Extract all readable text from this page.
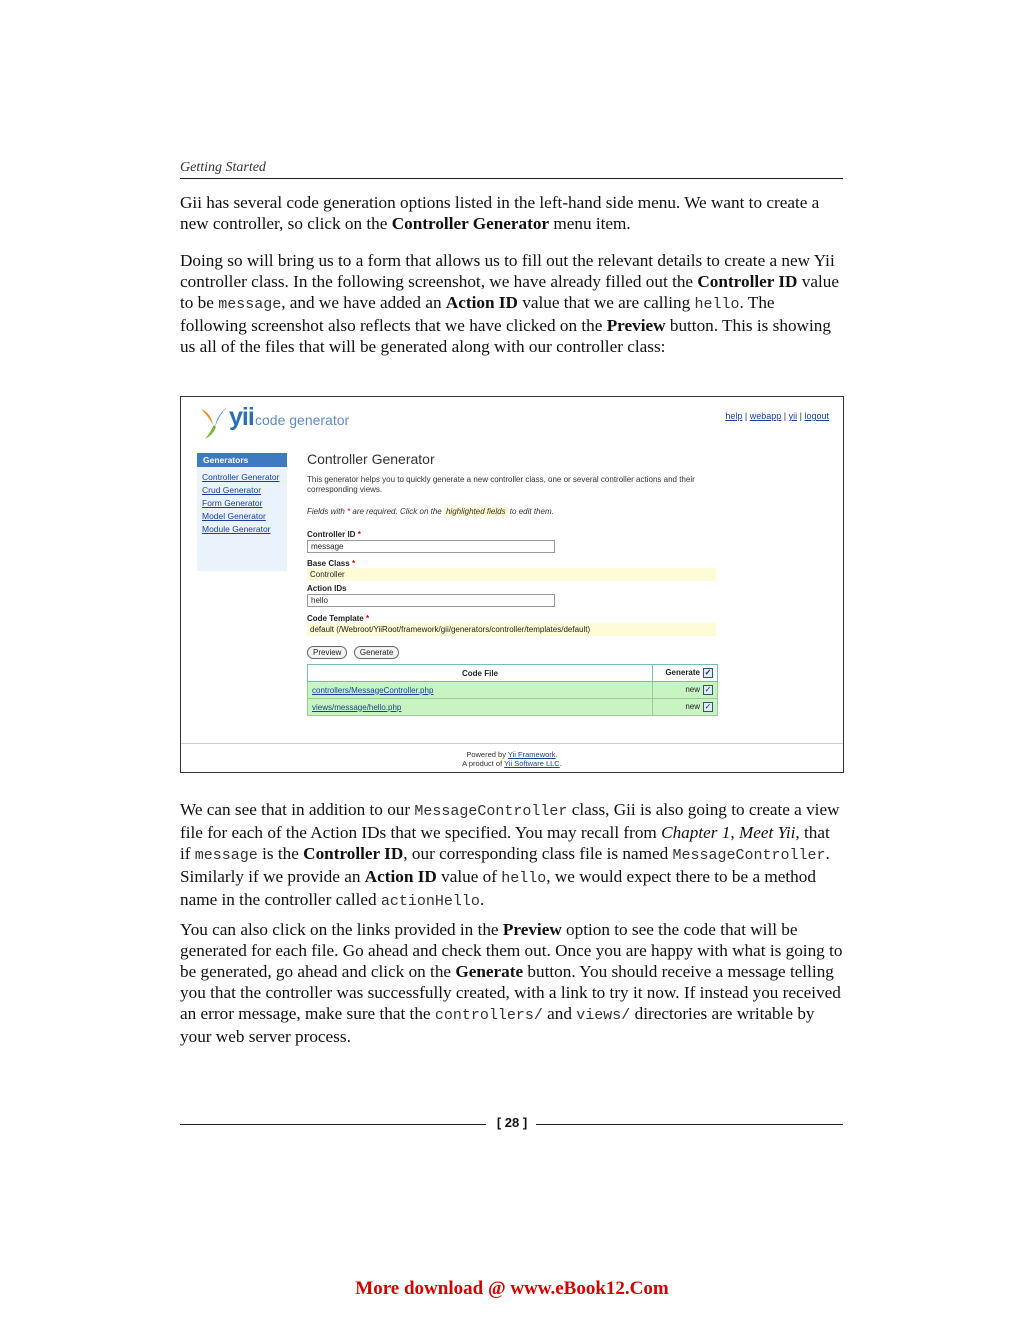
Getting Started

Gii has several code generation options listed in the left-hand side menu. We want to create a new controller, so click on the Controller Generator menu item.

Doing so will bring us to a form that allows us to fill out the relevant details to create a new Yii controller class. In the following screenshot, we have already filled out the Controller ID value to be message, and we have added an Action ID value that we are calling hello. The following screenshot also reflects that we have clicked on the Preview button. This is showing us all of the files that will be generated along with our controller class:

yii code generator	help | webapp | yii | logout
Generators
Controller Generator
Crud Generator
Form Generator
Model Generator
Module Generator
Controller Generator
This generator helps you to quickly generate a new controller class, one or several controller actions and their corresponding views.
Fields with * are required. Click on the highlighted fields to edit them.
Controller ID *
message
Base Class *
Controller
Action IDs
hello
Code Template *
default (/Webroot/YiiRoot/framework/gii/generators/controller/templates/default)
Preview Generate
Code File	Generate ✓
controllers/MessageController.php	new ✓
views/message/hello.php	new ✓
Powered by Yii Framework.
A product of Yii Software LLC.

We can see that in addition to our MessageController class, Gii is also going to create a view file for each of the Action IDs that we specified. You may recall from Chapter 1, Meet Yii, that if message is the Controller ID, our corresponding class file is named MessageController. Similarly if we provide an Action ID value of hello, we would expect there to be a method name in the controller called actionHello.

You can also click on the links provided in the Preview option to see the code that will be generated for each file. Go ahead and check them out. Once you are happy with what is going to be generated, go ahead and click on the Generate button. You should receive a message telling you that the controller was successfully created, with a link to try it now. If instead you received an error message, make sure that the controllers/ and views/ directories are writable by your web server process.

[ 28 ]
More download @ www.eBook12.Com
